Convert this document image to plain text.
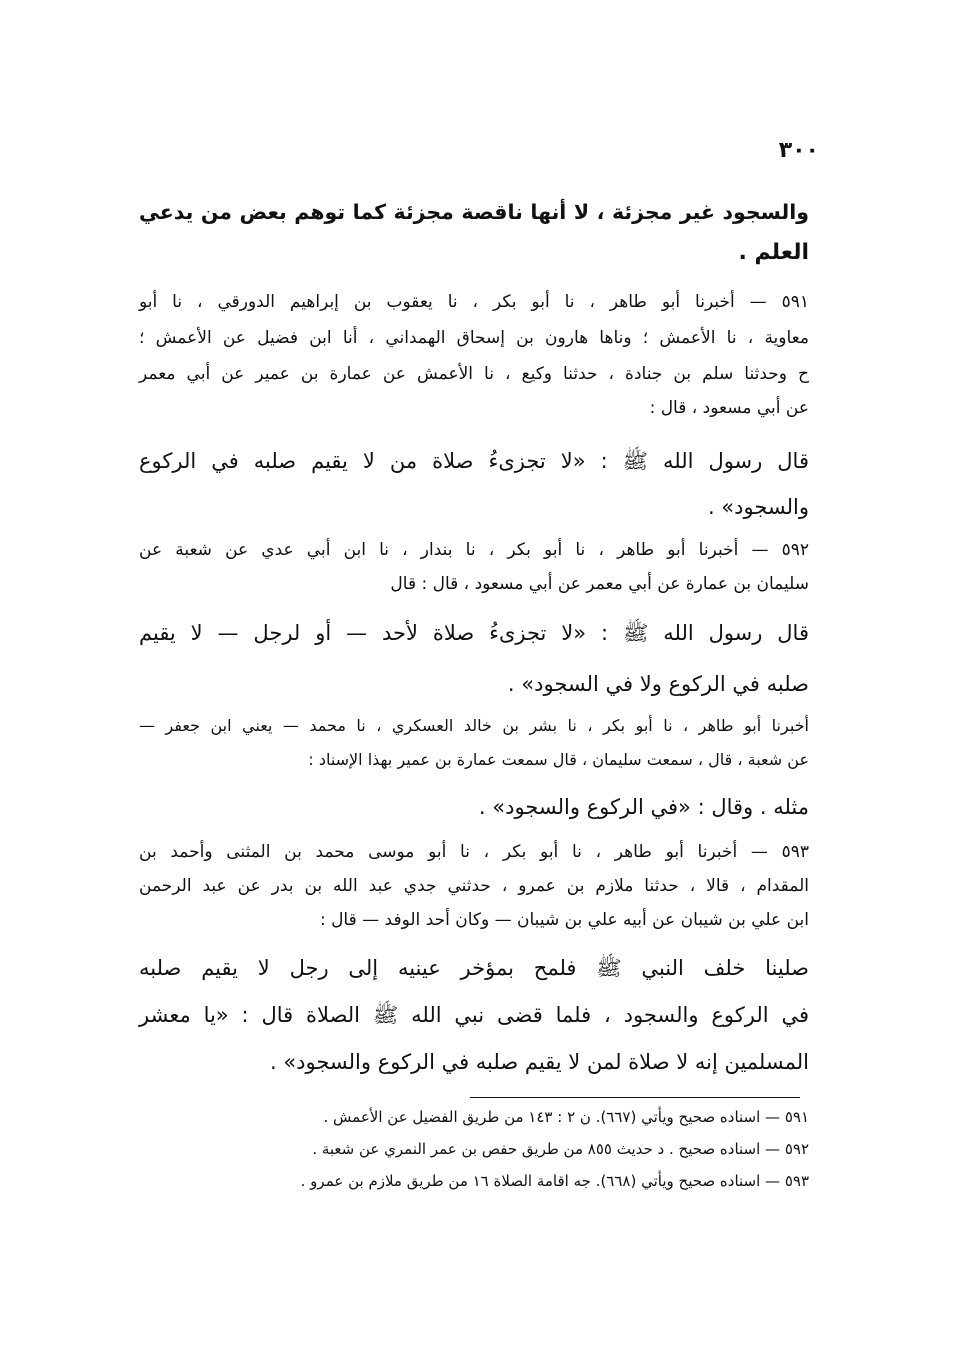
٣٠٠
والسجود غير مجزئة ، لا أنها ناقصة مجزئة كما توهم بعض من يدعي
العلم .
٥٩١ — أخبرنا أبو طاهر ، نا أبو بكر ، نا يعقوب بن إبراهيم الدورقي ، نا أبو
معاوية ، نا الأعمش ؛ وناها هارون بن إسحاق الهمداني ، أنا ابن فضيل عن الأعمش ؛
ح وحدثنا سلم بن جنادة ، حدثنا وكيع ، نا الأعمش عن عمارة بن عمير عن أبي معمر
عن أبي مسعود ، قال :
قال رسول الله ﷺ : «لا تجزىءُ صلاة من لا يقيم صلبه في الركوع
والسجود» .
٥٩٢ — أخبرنا أبو طاهر ، نا أبو بكر ، نا بندار ، نا ابن أبي عدي عن شعبة عن
سليمان بن عمارة عن أبي معمر عن أبي مسعود ، قال : قال
قال رسول الله ﷺ : «لا تجزىءُ صلاة لأحد — أو لرجل — لا يقيم
صلبه في الركوع ولا في السجود» .
أخبرنا أبو طاهر ، نا أبو بكر ، نا بشر بن خالد العسكري ، نا محمد — يعني ابن جعفر —
عن شعبة ، قال ، سمعت سليمان ، قال سمعت عمارة بن عمير بهذا الإسناد :
مثله . وقال : «في الركوع والسجود» .
٥٩٣ — أخبرنا أبو طاهر ، نا أبو بكر ، نا أبو موسى محمد بن المثنى وأحمد بن
المقدام ، قالا ، حدثنا ملازم بن عمرو ، حدثني جدي عبد الله بن بدر عن عبد الرحمن
ابن علي بن شيبان عن أبيه علي بن شيبان — وكان أحد الوفد — قال :
صلينا خلف النبي ﷺ فلمح بمؤخر عينيه إلى رجل لا يقيم صلبه
في الركوع والسجود ، فلما قضى نبي الله ﷺ الصلاة قال : «يا معشر
المسلمين إنه لا صلاة لمن لا يقيم صلبه في الركوع والسجود» .
٥٩١ — اسناده صحيح ويأتي (٦٦٧). ن ٢ : ١٤٣ من طريق الفضيل عن الأعمش .
٥٩٢ — اسناده صحيح . د حديث ٨٥٥ من طريق حفص بن عمر النمري عن شعبة .
٥٩٣ — اسناده صحيح ويأتي (٦٦٨). جه اقامة الصلاة ١٦ من طريق ملازم بن عمرو .
